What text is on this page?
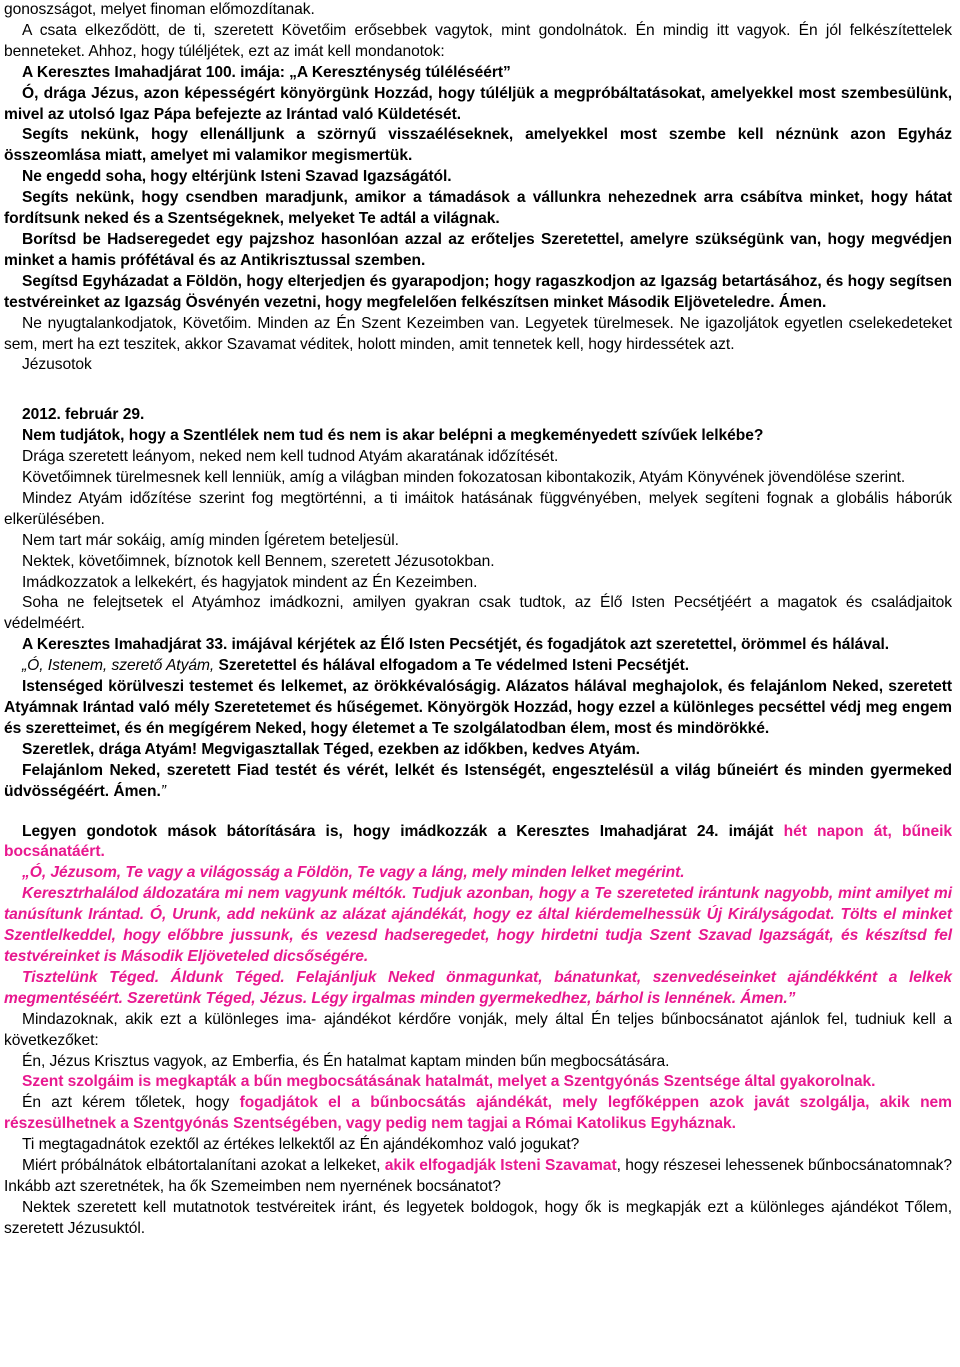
gonoszságot, melyet finoman előmozdítanak.

A csata elkeződött, de ti, szeretett Követőim erősebbek vagytok, mint gondolnátok. Én mindig itt vagyok. Én jól felkészítettelek benneteket. Ahhoz, hogy túléljétek, ezt az imát kell mondanotok:

A Keresztes Imahadjárat 100. imája: „A Kereszténység túléléséért”

Ó, drága Jézus, azon képességért könyörgünk Hozzád, hogy túléljük a megpróbáltatásokat, amelyekkel most szembesülünk, mivel az utolsó Igaz Pápa befejezte az Irántad való Küldetését.

Segíts nekünk, hogy ellenálljunk a szörnyű visszaéléseknek, amelyekkel most szembe kell néznünk azon Egyház összeomlása miatt, amelyet mi valamikor megismertük.

Ne engedd soha, hogy eltérjünk Isteni Szavad Igazságától.

Segíts nekünk, hogy csendben maradjunk, amikor a támadások a vállunkra nehezednek arra csábítva minket, hogy hátat fordítsunk neked és a Szentségeknek, melyeket Te adtál a világnak.

Borítsd be Hadseregedet egy pajzshoz hasonlóan azzal az erőteljes Szeretettel, amelyre szükségünk van, hogy megvédjen minket a hamis prófétával és az Antikrisztussal szemben.

Segítsd Egyházadat a Földön, hogy elterjedjen és gyarapodjon; hogy ragaszkodjon az Igazság betartásához, és hogy segítsen testvéreinket az Igazság Ösvényén vezetni, hogy megfelelően felkészítsen minket Második Eljöveteledre. Ámen.

Ne nyugtalankodjatok, Követőim. Minden az Én Szent Kezeimben van. Legyetek türelmesek. Ne igazoljátok egyetlen cselekedeteket sem, mert ha ezt teszitek, akkor Szavamat véditek, holott minden, amit tennetek kell, hogy hirdessétek azt.

Jézusotok

2012. február 29.

Nem tudjátok, hogy a Szentlélek nem tud és nem is akar belépni a megkeményedett szívűek lelkébe?

Drága szeretett leányom, neked nem kell tudnod Atyám akaratának időzítését.

Követőimnek türelmesnek kell lenniük, amíg a világban minden fokozatosan kibontakozik, Atyám Könyvének jövendölése szerint.

Mindez Atyám időzítése szerint fog megtörténni, a ti imáitok hatásának függvényében, melyek segíteni fognak a globális háborúk elkerülésében.

Nem tart már sokáig, amíg minden Ígéretem beteljesül.

Nektek, követőimnek, bíznotok kell Bennem, szeretett Jézusotokban.

Imádkozzatok a lelkekért, és hagyjatok mindent az Én Kezeimben.

Soha ne felejtsetek el Atyámhoz imádkozni, amilyen gyakran csak tudtok, az Élő Isten Pecsétjéért a magatok és családjaitok védelméért.

A Keresztes Imahadjárat 33. imájával kérjétek az Élő Isten Pecsétjét, és fogadjátok azt szeretettel, örömmel és hálával.

„Ó, Istenem, szerető Atyám, Szeretettel és hálával elfogadom a Te védelmed Isteni Pecsétjét.

Istenséged körülveszi testemet és lelkemet, az örökkévalóságig. Alázatos hálával meghajolok, és felajánlom Neked, szeretett Atyámnak Irántad való mély Szeretetemet és hűségemet. Könyörgök Hozzád, hogy ezzel a különleges pecséttel védj meg engem és szeretteimet, és én megígérem Neked, hogy életemet a Te szolgálatodban élem, most és mindörökké.

Szeretlek, drága Atyám! Megvigasztallak Téged, ezekben az időkben, kedves Atyám.

Felajánlom Neked, szeretett Fiad testét és vérét, lelkét és Istenségét, engesztelésül a világ bűneiért és minden gyermeked üdvösségéért. Ámen.”

Legyen gondotok mások bátorítására is, hogy imádkozzák a Keresztes Imahadjárat 24. imáját hét napon át, bűneik bocsánatáért.

„Ó, Jézusom, Te vagy a világosság a Földön, Te vagy a láng, mely minden lelket megérint.

Keresztrhalálod áldozatára mi nem vagyunk méltók. Tudjuk azonban, hogy a Te szereteted irántunk nagyobb, mint amilyet mi tanúsítunk Irántad. Ó, Urunk, add nekünk az alázat ajándékát, hogy ez által kiérdemelhessük Új Királyságodat. Tölts el minket Szentlelkeddel, hogy előbbre jussunk, és vezesd hadseregedet, hogy hirdetni tudja Szent Szavad Igazságát, és készítsd fel testvéreinket is Második Eljöveteled dicsőségére.

Tisztelünk Téged. Áldunk Téged. Felajánljuk Neked önmagunkat, bánatunkat, szenvedéseinket ajándékként a lelkek megmentéséért. Szeretünk Téged, Jézus. Légy irgalmas minden gyermekedhez, bárhol is lennének. Ámen.”

Mindazoknak, akik ezt a különleges ima- ajándékot kérdőre vonják, mely által Én teljes bűnbocsánatot ajánlok fel, tudniuk kell a következőket:

Én, Jézus Krisztus vagyok, az Emberfia, és Én hatalmat kaptam minden bűn megbocsátására.

Szent szolgáim is megkapták a bűn megbocsátásának hatalmát, melyet a Szentgyónás Szentsége által gyakorolnak.

Én azt kérem tőletek, hogy fogadjátok el a bűnbocsátás ajándékát, mely legfőképpen azok javát szolgálja, akik nem részesülhetnek a Szentgyónás Szentségében, vagy pedig nem tagjai a Római Katolikus Egyháznak.

Ti megtagadnátok ezektől az értékes lelkektől az Én ajándékomhoz való jogukat?

Miért próbálnátok elbátortalanítani azokat a lelkeket, akik elfogadják Isteni Szavamat, hogy részesei lehessenek bűnbocsánatomnak? Inkább azt szeretnétek, ha ők Szemeimben nem nyernének bocsánatot?

Nektek szeretett kell mutatnotok testvéreitek iránt, és legyetek boldogok, hogy ők is megkapják ezt a különleges ajándékot Tőlem, szeretett Jézusuktól.
